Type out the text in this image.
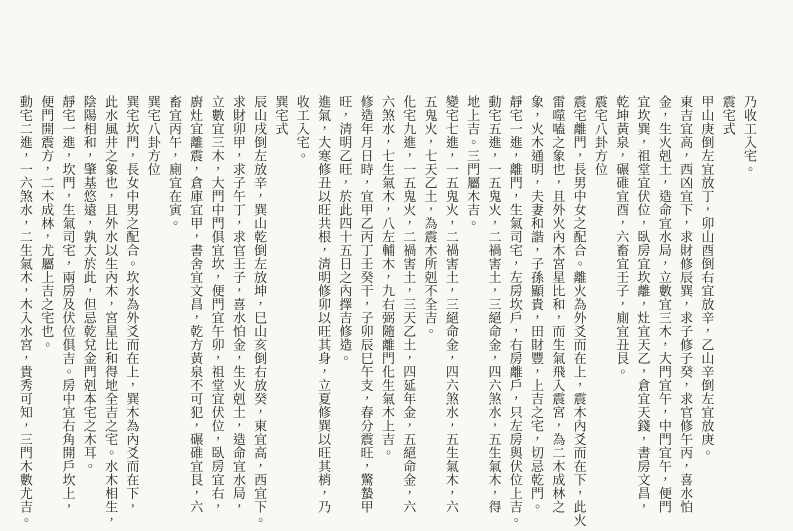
乃收工入宅。
震宅式
甲山庚倒左宜放丁，卯山酉倒右宜放辛，乙山辛倒左宜放庚。
東吉宜高，西凶宜下，求財修辰巽，求子修子癸，求官修午丙，喜水怕
金，生火剋土，造命宜水局，立數宜三木，大門宜午，中門宜午，便門
宜坎巽，祖堂宜伏位，臥房宜坎離，灶宜天乙，倉宜天錢，書房文昌，
乾坤黃泉，碾碓宜酉，六畜宜壬子，廁宜丑艮。
震宅八卦方位
震宅離門，長男中女之配合。離火為外爻而在上，震木內爻而在下，此火
雷噬嗑之象也，且外火內木宮星比和，而生氣飛入震宮，為二木成林之
象，火木通明，夫妻和諧，子孫顯貴，田財豐，上吉之宅，切忌乾門。
靜宅一進，離門，生氣司宅，左房坎戶，右房離戶，只左房與伏位上吉。
動宅五進，一五鬼火，二禍害土，三絕命金，四六煞水，五生氣木，得
地上吉。三門屬木吉。
變宅七進，一五鬼火，二禍害土，三絕命金，四六煞水，五生氣木，六
五鬼火，七天乙土，為震木所剋不全吉。
化宅九進，一五鬼火，二禍害土，三天乙土，四延年金，五絕命金，六
六煞水，七生氣木，八左輔木，九右弼隨離門化生氣木上吉。
修造年月日時，宜甲乙丙丁壬癸干，子卯辰巳午支，春分震旺，驚蟄甲
旺，清明乙旺，於此四十五日之內擇吉修造。
進氣，大寒修丑以旺共根，清明修卯以旺其身，立夏修巽以旺其梢，乃
收工入宅。
巽宅式
辰山戌倒左放辛，巽山乾倒左放坤，巳山亥倒右放癸，東宜高，西宜下。
求財卯甲，求子午丁，求官壬子，喜水怕金，生火剋土，造命宜水局，
立數宜三木，大門中門俱宜坎，便門宜午卯，祖堂宜伏位，臥房宜右，
廚灶宜離震，倉庫宜甲，書舍宜文昌，乾方黃泉不可犯，碾碓宜艮，六
畜宜丙午，廁宜在寅。
巽宅八卦方位
巽宅坎門，長女中男之配合。坎水為外爻而在上，巽木為內爻而在下，
此水風井之象也，且外水以生內木，宮星比和得地全吉之宅。水木相生，
陰陽相和，肇基悠遠，孰大於此，但忌乾兌金門剋本宅之木耳。
靜宅一進，坎門，生氣司宅，兩房及伏位俱吉。房中宜右角開戶坎上，
便門開震方，二木成林，尤屬上吉之宅也。
動宅二進，一六煞水，二生氣木，木入水宮，貴秀可知，三門木數尤吉。
